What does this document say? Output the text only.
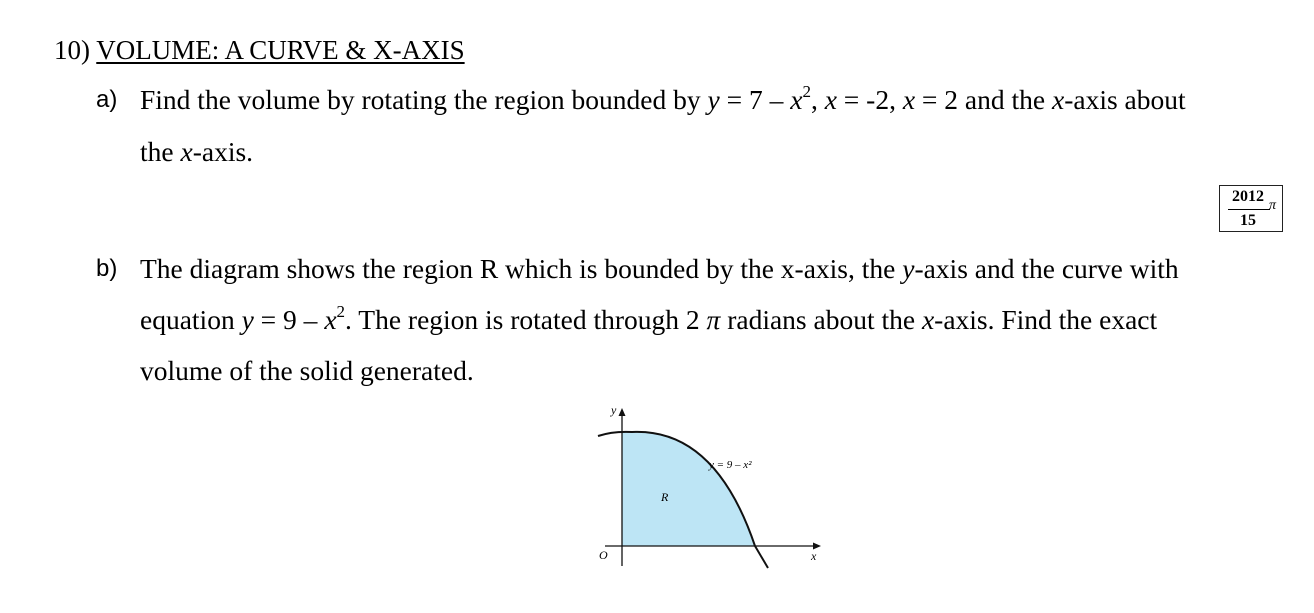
10) VOLUME: A CURVE & X-AXIS
a) Find the volume by rotating the region bounded by $y = 7 - x^2$, x = -2, x = 2 and the x-axis about
the x-axis.
2012
15
π
b) The diagram shows the region R which is bounded by the x-axis, the y-axis and the curve with
equation $y = 9 - x^2$. The region is rotated through 2 π radians about the x-axis. Find the exact
volume of the solid generated.
y
x
O
R
y = 9 – x²
